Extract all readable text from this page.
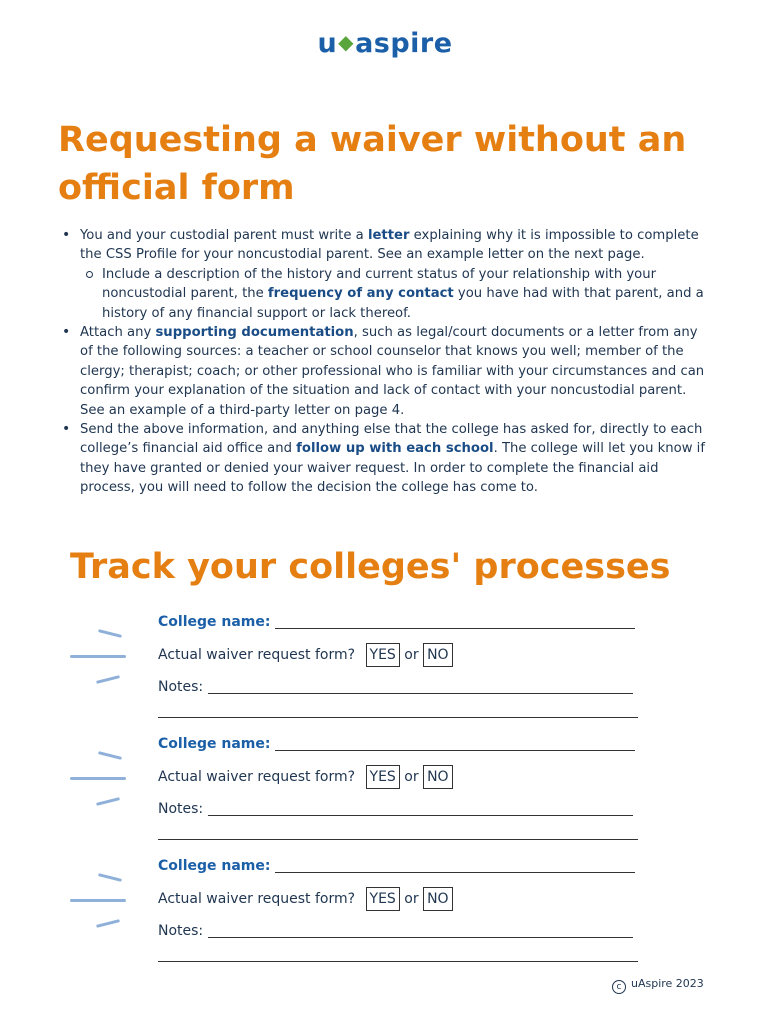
u◆aspire
Requesting a waiver without an official form
• You and your custodial parent must write a letter explaining why it is impossible to complete the CSS Profile for your noncustodial parent. See an example letter on the next page.
Include a description of the history and current status of your relationship with your noncustodial parent, the frequency of any contact you have had with that parent, and a history of any financial support or lack thereof.
• Attach any supporting documentation, such as legal/court documents or a letter from any of the following sources: a teacher or school counselor that knows you well; member of the clergy; therapist; coach; or other professional who is familiar with your circumstances and can confirm your explanation of the situation and lack of contact with your noncustodial parent. See an example of a third-party letter on page 4.
• Send the above information, and anything else that the college has asked for, directly to each college’s financial aid office and follow up with each school. The college will let you know if they have granted or denied your waiver request. In order to complete the financial aid process, you will need to follow the decision the college has come to.
Track your colleges' processes
College name:
Actual waiver request form? YES or NO
Notes:
College name:
Actual waiver request form? YES or NO
Notes:
College name:
Actual waiver request form? YES or NO
Notes:
c uAspire 2023
